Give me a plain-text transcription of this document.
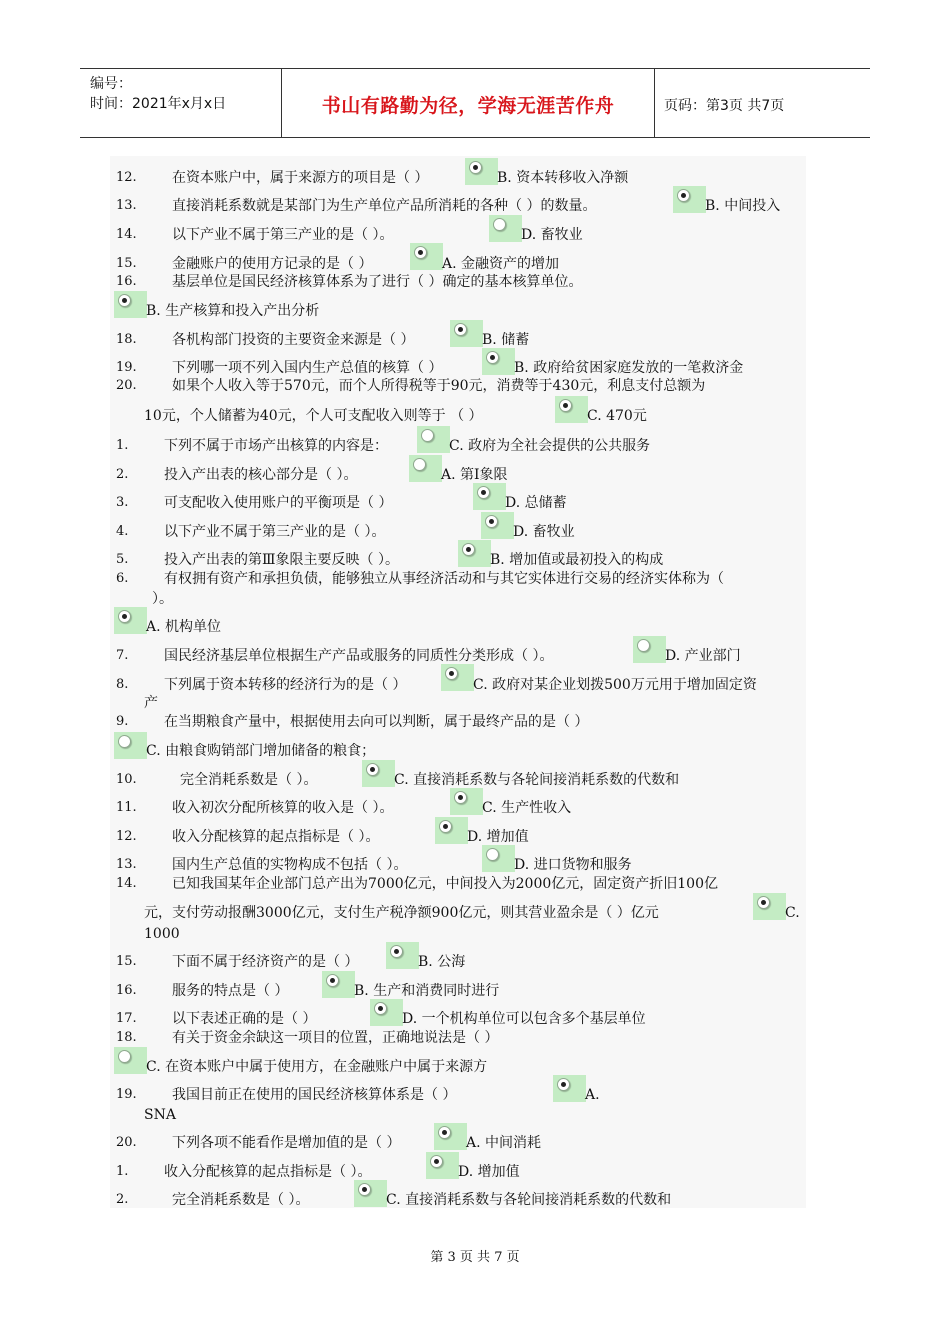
编号：
时间：2021年x月x日	书山有路勤为径，学海无涯苦作舟	页码：第3页 共7页
12.	在资本账户中，属于来源方的项目是（ ）	B. 资本转移收入净额
13.	直接消耗系数就是某部门为生产单位产品所消耗的各种（ ）的数量。	B. 中间投入
14.	以下产业不属于第三产业的是（ ）。	D. 畜牧业
15.	金融账户的使用方记录的是（ ）	A. 金融资产的增加
16.	基层单位是国民经济核算体系为了进行（ ）确定的基本核算单位。
B. 生产核算和投入产出分析
18.	各机构部门投资的主要资金来源是（ ）	B. 储蓄
19.	下列哪一项不列入国内生产总值的核算（ ）	B. 政府给贫困家庭发放的一笔救济金
20.	如果个人收入等于570元，而个人所得税等于90元，消费等于430元，利息支付总额为
10元，个人储蓄为40元，个人可支配收入则等于 （ ）	C. 470元
1.	下列不属于市场产出核算的内容是：	C. 政府为全社会提供的公共服务
2.	投入产出表的核心部分是（ ）。	A. 第Ⅰ象限
3.	可支配收入使用账户的平衡项是（ ）	D. 总储蓄
4.	以下产业不属于第三产业的是（ ）。	D. 畜牧业
5.	投入产出表的第Ⅲ象限主要反映（ ）。	B. 增加值或最初投入的构成
6.	有权拥有资产和承担负债，能够独立从事经济活动和与其它实体进行交易的经济实体称为（
）。
A. 机构单位
7.	国民经济基层单位根据生产产品或服务的同质性分类形成（ ）。	D. 产业部门
8.	下列属于资本转移的经济行为的是（ ）	C. 政府对某企业划拨500万元用于增加固定资
产
9.	在当期粮食产量中，根据使用去向可以判断，属于最终产品的是（ ）
C. 由粮食购销部门增加储备的粮食；
10.	完全消耗系数是（ ）。	C. 直接消耗系数与各轮间接消耗系数的代数和
11.	收入初次分配所核算的收入是（ ）。	C. 生产性收入
12.	收入分配核算的起点指标是（ ）。	D. 增加值
13.	国内生产总值的实物构成不包括（ ）。	D. 进口货物和服务
14.	已知我国某年企业部门总产出为7000亿元，中间投入为2000亿元，固定资产折旧100亿
元，支付劳动报酬3000亿元，支付生产税净额900亿元，则其营业盈余是（ ）亿元	C.
1000
15.	下面不属于经济资产的是（ ）	B. 公海
16.	服务的特点是（ ）	B. 生产和消费同时进行
17.	以下表述正确的是（ ）	D. 一个机构单位可以包含多个基层单位
18.	有关于资金余缺这一项目的位置，正确地说法是（ ）
C. 在资本账户中属于使用方，在金融账户中属于来源方
19.	我国目前正在使用的国民经济核算体系是（ ）	A.
SNA
20.	下列各项不能看作是增加值的是（ ）	A. 中间消耗
1.	收入分配核算的起点指标是（ ）。	D. 增加值
2.	完全消耗系数是（ ）。	C. 直接消耗系数与各轮间接消耗系数的代数和
第 3 页 共 7 页
